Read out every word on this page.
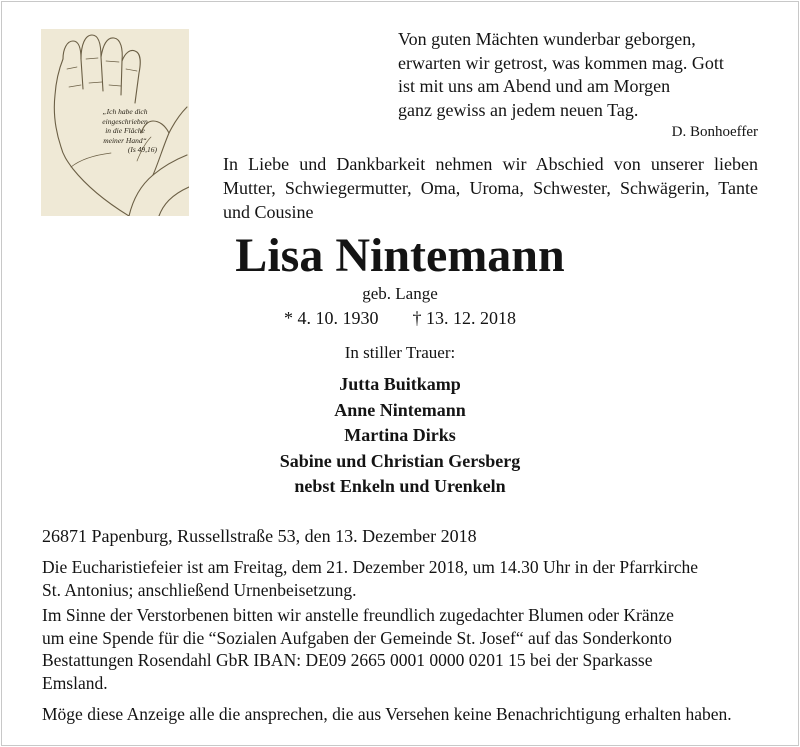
„Ich habe dich
eingeschrieben
in die Fläche
meiner Hand“
(Is 49,16)
Von guten Mächten wunderbar geborgen,
erwarten wir getrost, was kommen mag. Gott
ist mit uns am Abend und am Morgen
ganz gewiss an jedem neuen Tag.
D. Bonhoeffer
In Liebe und Dankbarkeit nehmen wir Abschied von unserer lieben Mutter, Schwiegermutter, Oma, Uroma, Schwester, Schwägerin, Tante und Cousine
Lisa Nintemann
geb. Lange
* 4. 10. 1930 † 13. 12. 2018
In stiller Trauer:
Jutta Buitkamp
Anne Nintemann
Martina Dirks
Sabine und Christian Gersberg
nebst Enkeln und Urenkeln
26871 Papenburg, Russellstraße 53, den 13. Dezember 2018
Die Eucharistiefeier ist am Freitag, dem 21. Dezember 2018, um 14.30 Uhr in der Pfarrkirche
St. Antonius; anschließend Urnenbeisetzung.
Im Sinne der Verstorbenen bitten wir anstelle freundlich zugedachter Blumen oder Kränze
um eine Spende für die “Sozialen Aufgaben der Gemeinde St. Josef“ auf das Sonderkonto
Bestattungen Rosendahl GbR IBAN: DE09 2665 0001 0000 0201 15 bei der Sparkasse
Emsland.
Möge diese Anzeige alle die ansprechen, die aus Versehen keine Benachrichtigung erhalten haben.
